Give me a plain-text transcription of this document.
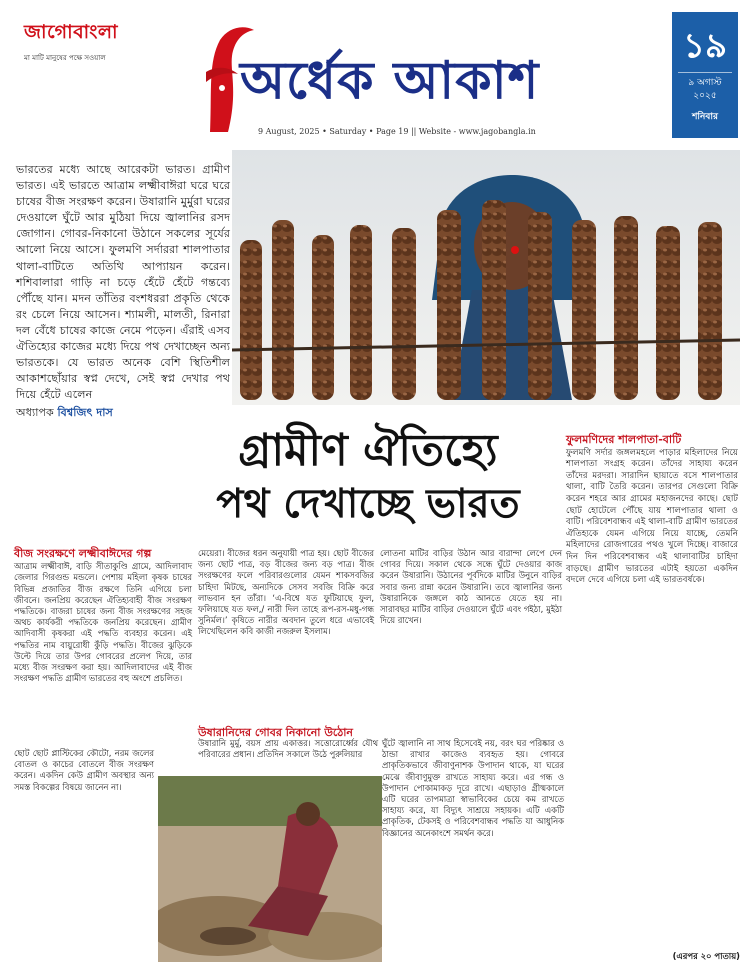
জাগোবাংলা
মা মাটি মানুষের পক্ষে সওয়াল	অর্ধেক আকাশ
9 August, 2025 • Saturday • Page 19 || Website - www.jagobangla.in
১৯
৯ অগাস্ট
২০২৫
শনিবার
ভারতের মধ্যে আছে আরেকটা ভারত। গ্রামীণ ভারত। এই ভারতে আত্রাম লক্ষ্মীবাঈরা ঘরে ঘরে চাষের বীজ সংরক্ষণ করেন। উষারানি মুর্মুরা ঘরের দেওয়ালে ঘুঁটে আর মুঠিয়া দিয়ে জ্বালানির রসদ জোগান। গোবর-নিকানো উঠানে সকলের সূর্যের আলো নিয়ে আসে। ফুলমণি সর্দাররা শালপাতার থালা-বাটিতে অতিথি আপ্যায়ন করেন। শশিবালারা গাড়ি না চড়ে হেঁটে হেঁটে গন্তব্যে পৌঁছে যান। মদন তাঁতির বংশধররা প্রকৃতি থেকে রং চেলে নিয়ে আসেন। শ্যামলী, মালতী, রিনারা দল বেঁধে চাষের কাজে নেমে পড়েন। এঁরাই এসব ঐতিহ্যের কাজের মধ্যে দিয়ে পথ দেখাচ্ছেন অন্য ভারতকে। যে ভারত অনেক বেশি স্থিতিশীল আকাশছোঁয়ার স্বপ্ন দেখে, সেই স্বপ্ন দেখার পথ দিয়ে হেঁটে এলেন
অধ্যাপক বিশ্বজিৎ দাস
গ্রামীণ ঐতিহ্যে
পথ দেখাচ্ছে ভারত
ফুলমণিদের শালপাতা-বাটি
ফুলমণি সর্দার জঙ্গলমহলে পাড়ার মহিলাদের নিয়ে শালপাতা সংগ্রহ করেন। তাঁদের সাহায্য করেন তাঁদের মরদরা। সারাদিন ছায়াতে বসে শালপাতার থালা, বাটি তৈরি করেন। তারপর সেগুলো বিক্রি করেন শহরে আর গ্রামের মহাজনদের কাছে। ছোট ছোট হোটেলে পৌঁছে যায় শালপাতার থালা ও বাটি। পরিবেশবান্ধব এই থালা-বাটি গ্রামীণ ভারতের ঐতিহ্যকে যেমন এগিয়ে নিয়ে যাচ্ছে, তেমনি মহিলাদের রোজগারের পথও খুলে দিচ্ছে। বাজারে দিন দিন পরিবেশবান্ধব এই থালাবাটির চাহিদা বাড়ছে। গ্রামীণ ভারতের এটাই হয়তো একদিন বদলে দেবে এগিয়ে চলা এই ভারতবর্ষকে।
বীজ সংরক্ষণে লক্ষ্মীবাঈদের গল্প
আত্রাম লক্ষ্মীবাঈ, বাড়ি সীতাকুণ্ডি গ্রামে, আদিলাবাদ জেলার গিরগুন্ড মন্ডলে। পেশায় মহিলা কৃষক চাষের বিভিন্ন প্রজাতির বীজ রক্ষণে তিনি এগিয়ে চলা জীবনে। জনপ্রিয় করেছেন ঐতিহ্যবাহী বীজ সংরক্ষণ পদ্ধতিকে। বাজরা চাষের জন্য বীজ সংরক্ষণের সহজ অথচ কার্যকরী পদ্ধতিকে জনপ্রিয় করেছেন। গ্রামীণ আদিবাসী কৃষকরা এই পদ্ধতি ব্যবহার করেন। এই পদ্ধতির নাম বায়ুরোধী কুঁড়ি পদ্ধতি। বীজের ঝুড়িকে উল্টে দিয়ে তার উপর গোবরের প্রলেপ দিয়ে, তার মধ্যে বীজ সংরক্ষণ করা হয়। আদিলাবাদের এই বীজ সংরক্ষণ পদ্ধতি গ্রামীণ ভারতের বহু অংশে প্রচলিত।
ছোট ছোট প্লাস্টিকের কৌটো, নরম জলের বোতল ও কাচের বোতলে বীজ সংরক্ষণ করেন। একদিন কেউ গ্রামীণ অবস্থার অন্য সমস্ত বিকল্পের বিষয়ে জানেন না।
মেয়েরা। বীজের ধরন অনুযায়ী পাত্র হয়। ছোট বীজের জন্য ছোট পাত্র, বড় বীজের জন্য বড় পাত্র। বীজ সংরক্ষণের ফলে পরিবারগুলোর যেমন শাকসবজির চাহিদা মিটছে, অন্যদিকে সেসব সবজি বিক্রি করে লাভবান হন তাঁরা। ‘এ-বিশ্বে যত ফুটিয়াছে ফুল, ফলিয়াছে যত ফল,/ নারী দিল তাহে রূপ-রস-মধু-গন্ধ সুনির্মল।’ কৃষিতে নারীর অবদান তুলে ধরে এভাবেই লিখেছিলেন কবি কাজী নজরুল ইসলাম।
উষারানিদের গোবর নিকানো উঠোন
উষারানি মুর্মু, বয়স প্রায় একাত্তর। সত্তোরোর্ধ্বের যৌথ পরিবারের প্রধান। প্রতিদিন সকালে উঠে পুরুলিয়ার
লোতনা মাটির বাড়ির উঠান আর বারান্দা লেপে দেন গোবর দিয়ে। সকাল থেকে সন্ধে ঘুঁটে দেওয়ার কাজ করেন উষারানি। উঠানের পূর্বদিকে মাটির উনুনে বাড়ির সবার জন্য রান্না করেন উষারানি। তবে জ্বালানির জন্য উষারানিকে জঙ্গলে কাঠ আনতে যেতে হয় না। সারাবছর মাটির বাড়ির দেওয়ালে ঘুঁটে এবং গইঠা, মুইঠা দিয়ে রাখেন।
ঘুঁটে জ্বালানি না সাথ হিসেবেই নয়, বরং ঘর পরিষ্কার ও ঠান্ডা রাখার কাজেও ব্যবহৃত হয়। গোবরে প্রাকৃতিকভাবে জীবাণুনাশক উপাদান থাকে, যা ঘরের মেঝে জীবাণুমুক্ত রাখতে সাহায্য করে। এর গন্ধ ও উপাদান পোকামাকড় দূরে রাখে। এছাড়াও গ্রীষ্মকালে এটি ঘরের তাপমাত্রা স্বাভাবিকের চেয়ে কম রাখতে সাহায্য করে, যা বিদ্যুৎ সাশ্রয়ে সহায়ক। এটি একটি প্রাকৃতিক, টেকসই ও পরিবেশবান্ধব পদ্ধতি যা আধুনিক বিজ্ঞানের অনেকাংশে সমর্থন করে।
(এরপর ২০ পাতায়)
